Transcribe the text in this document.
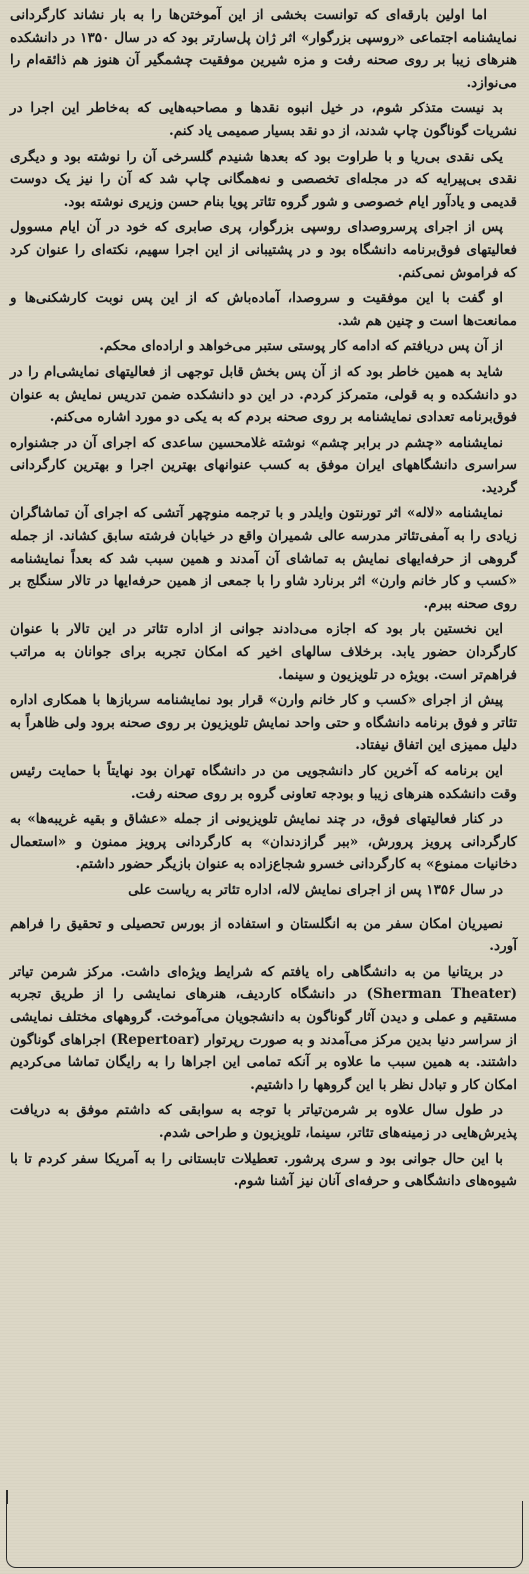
اما اولین بارقه‌ای که توانست بخشی از این آموختن‌ها را به بار نشاند کارگردانی نمایشنامه اجتماعی «روسپی بزرگوار» اثر ژان پل‌سارتر بود که در سال ۱۳۵۰ در دانشکده هنرهای زیبا بر روی صحنه رفت و مزه شیرین موفقیت چشمگیر آن هنوز هم ذائقه‌ام را می‌نوازد.

بد نیست متذکر شوم، در خیل انبوه نقدها و مصاحبه‌هایی که به‌خاطر این اجرا در نشریات گوناگون چاپ شدند، از دو نقد بسیار صمیمی یاد کنم.

یکی نقدی بی‌ریا و با طراوت بود که بعدها شنیدم گلسرخی آن را نوشته بود و دیگری نقدی بی‌پیرایه که در مجله‌ای تخصصی و نه‌همگانی چاپ شد که آن را نیز یک دوست قدیمی و یادآور ایام خصوصی و شور گروه تئاتر پویا بنام حسن وزیری نوشته بود.

پس از اجرای پرسروصدای روسپی بزرگوار، پری صابری که خود در آن ایام مسوول فعالیتهای فوق‌برنامه دانشگاه بود و در پشتیبانی از این اجرا سهیم، نکته‌ای را عنوان کرد که فراموش نمی‌کنم.

او گفت با این موفقیت و سروصدا، آماده‌باش که از این پس نوبت کارشکنی‌ها و ممانعت‌ها است و چنین هم شد.

از آن پس دریافتم که ادامه کار پوستی ستبر می‌خواهد و اراده‌ای محکم.

شاید به همین خاطر بود که از آن پس بخش قابل توجهی از فعالیتهای نمایشی‌ام را در دو دانشکده و به قولی، متمرکز کردم. در این دو دانشکده ضمن تدریس نمایش به عنوان فوق‌برنامه تعدادی نمایشنامه بر روی صحنه بردم که به یکی دو مورد اشاره می‌کنم.

نمایشنامه «چشم در برابر چشم» نوشته غلامحسین ساعدی که اجرای آن در جشنواره سراسری دانشگاههای ایران موفق به کسب عنوانهای بهترین اجرا و بهترین کارگردانی گردید.

نمایشنامه «لاله» اثر تورنتون وایلدر و با ترجمه منوچهر آتشی که اجرای آن تماشاگران زیادی را به آمفی‌تئاتر مدرسه عالی شمیران واقع در خیابان فرشته سابق کشاند. از جمله گروهی از حرفه‌ایهای نمایش به تماشای آن آمدند و همین سبب شد که بعداً نمایشنامه «کسب و کار خانم وارن» اثر برنارد شاو را با جمعی از همین حرفه‌ایها در تالار سنگلج بر روی صحنه ببرم.

این نخستین بار بود که اجازه می‌دادند جوانی از اداره تئاتر در این تالار با عنوان کارگردان حضور یابد. برخلاف سالهای اخیر که امکان تجربه برای جوانان به مراتب فراهم‌تر است. بویژه در تلویزیون و سینما.

پیش از اجرای «کسب و کار خانم وارن» قرار بود نمایشنامه سربازها با همکاری اداره تئاتر و فوق برنامه دانشگاه و حتی واحد نمایش تلویزیون بر روی صحنه برود ولی ظاهراً به دلیل ممیزی این اتفاق نیفتاد.

این برنامه که آخرین کار دانشجویی من در دانشگاه تهران بود نهایتاً با حمایت رئیس وقت دانشکده هنرهای زیبا و بودجه تعاونی گروه بر روی صحنه رفت.

در کنار فعالیتهای فوق، در چند نمایش تلویزیونی از جمله «عشاق و بقیه غریبه‌ها» به کارگردانی پرویز پرورش، «ببر گرازدندان» به کارگردانی پرویز ممنون و «استعمال دخانیات ممنوع» به کارگردانی خسرو شجاع‌زاده به عنوان بازیگر حضور داشتم.

در سال ۱۳۵۶ پس از اجرای نمایش لاله، اداره تئاتر به ریاست علی

نصیریان امکان سفر من به انگلستان و استفاده از بورس تحصیلی و تحقیق را فراهم آورد.

در بریتانیا من به دانشگاهی راه یافتم که شرایط ویژه‌ای داشت. مرکز شرمن تیاتر (Sherman Theater) در دانشگاه کاردیف، هنرهای نمایشی را از طریق تجربه مستقیم و عملی و دیدن آثار گوناگون به دانشجویان می‌آموخت. گروههای مختلف نمایشی از سراسر دنیا بدین مرکز می‌آمدند و به صورت رپرتوار (Repertoar) اجراهای گوناگون داشتند. به همین سبب ما علاوه بر آنکه تمامی این اجراها را به رایگان تماشا می‌کردیم امکان کار و تبادل نظر با این گروهها را داشتیم.

در طول سال علاوه بر شرمن‌تیاتر با توجه به سوابقی که داشتم موفق به دریافت پذیرش‌هایی در زمینه‌های تئاتر، سینما، تلویزیون و طراحی شدم.

با این حال جوانی بود و سری پرشور. تعطیلات تابستانی را به آمریکا سفر کردم تا با شیوه‌های دانشگاهی و حرفه‌ای آنان نیز آشنا شوم.
